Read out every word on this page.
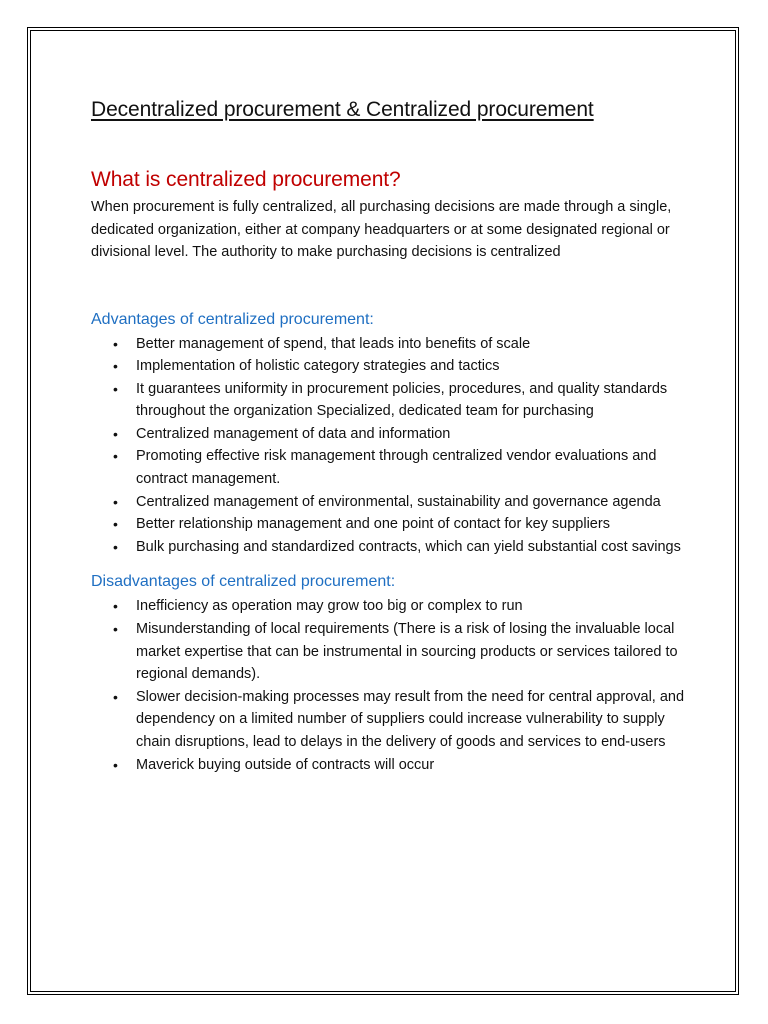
Decentralized procurement & Centralized procurement
What is centralized procurement?

When procurement is fully centralized, all purchasing decisions are made through a single, dedicated organization, either at company headquarters or at some designated regional or divisional level. The authority to make purchasing decisions is centralized

Advantages of centralized procurement:
• Better management of spend, that leads into benefits of scale
• Implementation of holistic category strategies and tactics
• It guarantees uniformity in procurement policies, procedures, and quality standards throughout the organization Specialized, dedicated team for purchasing
• Centralized management of data and information
• Promoting effective risk management through centralized vendor evaluations and contract management.
• Centralized management of environmental, sustainability and governance agenda
• Better relationship management and one point of contact for key suppliers
• Bulk purchasing and standardized contracts, which can yield substantial cost savings
Disadvantages of centralized procurement:
• Inefficiency as operation may grow too big or complex to run
• Misunderstanding of local requirements (There is a risk of losing the invaluable local market expertise that can be instrumental in sourcing products or services tailored to regional demands).
• Slower decision-making processes may result from the need for central approval, and dependency on a limited number of suppliers could increase vulnerability to supply chain disruptions, lead to delays in the delivery of goods and services to end-users
• Maverick buying outside of contracts will occur
